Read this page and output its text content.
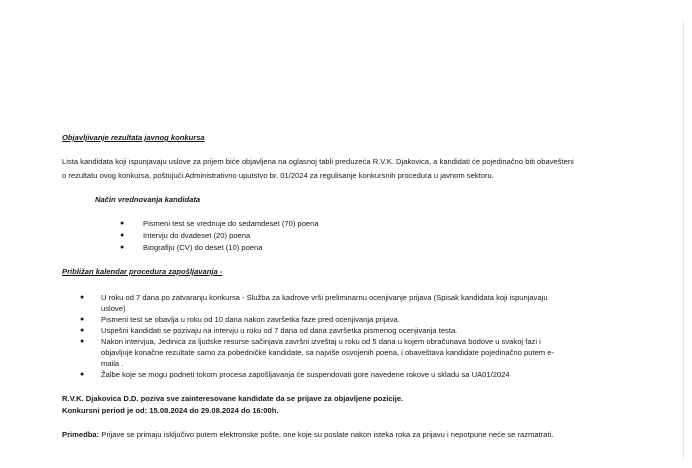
Objavljivanje rezultata javnog konkursa
Lista kandidata koji ispunjavaju uslove za prijem biće objavljena na oglasnoj tabli preduzeća R.V.K. Djakovica, a kandidati će pojedinačno biti obavešteni
o rezultatu ovog konkursa, poštujući Administrativno uputstvo br. 01/2024 za regulisanje konkursnih procedura u javnom sektoru.
Način vrednovanja kandidata
● Pismeni test se vrednuje do sedamdeset (70) poena
● Intervju do dvadeset (20) poena
● Biografiju (CV) do deset (10) poena
Približan kalendar procedura zapošljavanja -
● U roku od 7 dana po zatvaranju konkursa - Služba za kadrove vrši preliminarnu ocenjivanje prijava (Spisak kandidata koji ispunjavaju
uslove)
● Pismeni test se obavlja u roku od 10 dana nakon završetka faze pred ocenjivanja prijava.
● Uspešni kandidati se pozivaju na intervju u roku od 7 dana od dana završetka pismenog ocenjivanja testa.
● Nakon intervjua, Jedinica za ljudske resurse sačinjava završni izveštaj u roku od 5 dana u kojem obračunava bodove u svakoj fazi i
objavljuje konačne rezultate samo za pobedničke kandidate, sa najviše osvojenih poena, i obaveštava kandidate pojedinačno putem e-
maila .
● Žalbe koje se mogu podneti tokom procesa zapošljavanja će suspendovati gore navedene rokove u skladu sa UA01/2024
R.V.K. Djakovica D.D. poziva sve zainteresovane kandidate da se prijave za objavljene pozicije.
Konkursni period je od: 15.08.2024 do 29.08.2024 do 16:00h.
Primedba: Prijave se primaju isključivo putem elektronske pošte, one koje su poslate nakon isteka roka za prijavu i nepotpune neće se razmatrati.
